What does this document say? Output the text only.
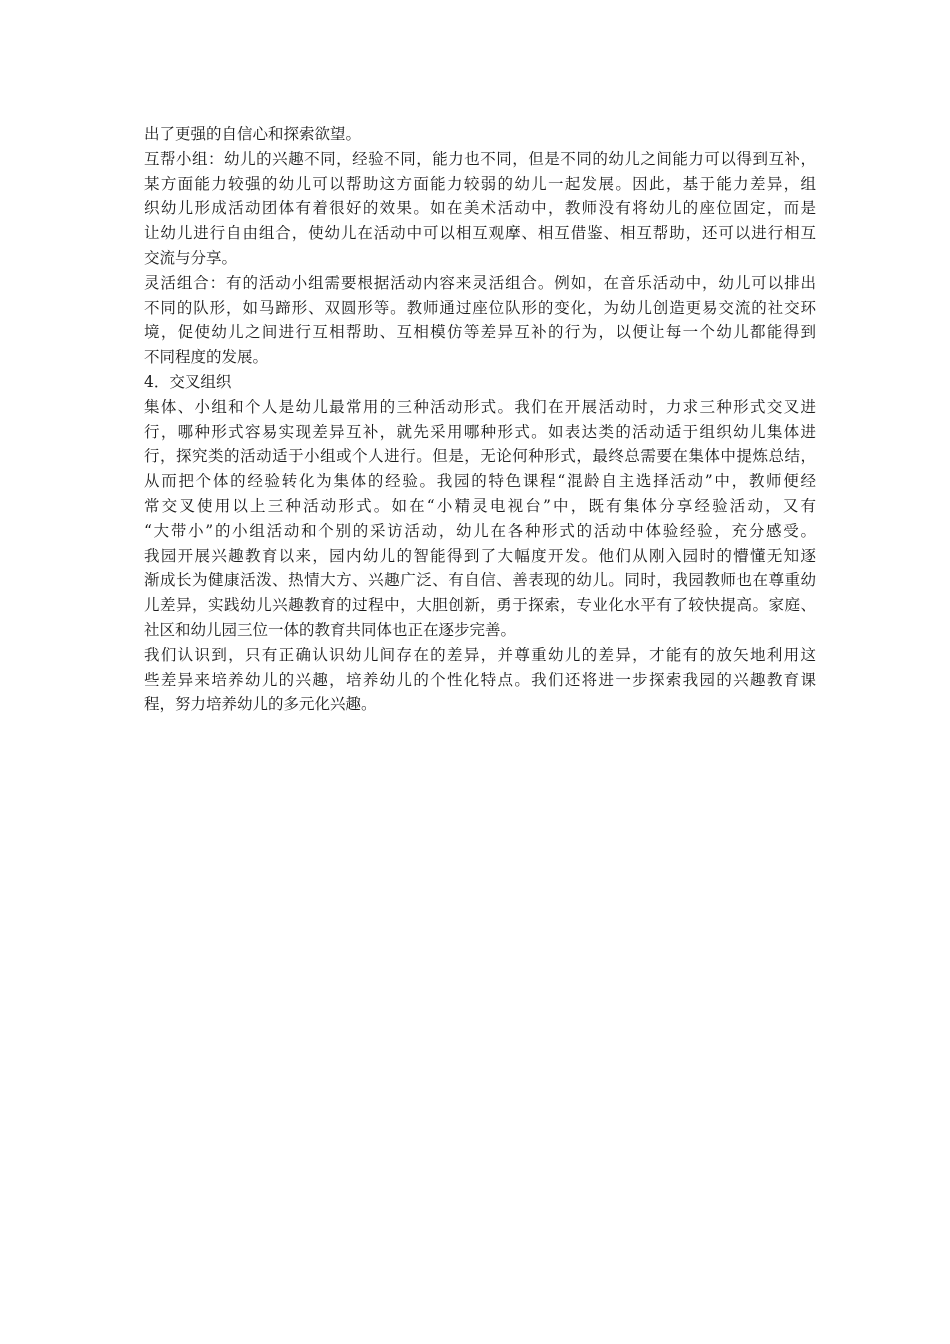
出了更强的自信心和探索欲望。
互帮小组：幼儿的兴趣不同，经验不同，能力也不同，但是不同的幼儿之间能力可以得到互补，
某方面能力较强的幼儿可以帮助这方面能力较弱的幼儿一起发展。因此，基于能力差异，组
织幼儿形成活动团体有着很好的效果。如在美术活动中，教师没有将幼儿的座位固定，而是
让幼儿进行自由组合，使幼儿在活动中可以相互观摩、相互借鉴、相互帮助，还可以进行相互
交流与分享。
灵活组合：有的活动小组需要根据活动内容来灵活组合。例如，在音乐活动中，幼儿可以排出
不同的队形，如马蹄形、双圆形等。教师通过座位队形的变化，为幼儿创造更易交流的社交环
境，促使幼儿之间进行互相帮助、互相模仿等差异互补的行为，以便让每一个幼儿都能得到
不同程度的发展。
4．交叉组织
集体、小组和个人是幼儿最常用的三种活动形式。我们在开展活动时，力求三种形式交叉进
行，哪种形式容易实现差异互补，就先采用哪种形式。如表达类的活动适于组织幼儿集体进
行，探究类的活动适于小组或个人进行。但是，无论何种形式，最终总需要在集体中提炼总结，
从而把个体的经验转化为集体的经验。我园的特色课程“混龄自主选择活动”中，教师便经
常交叉使用以上三种活动形式。如在“小精灵电视台”中，既有集体分享经验活动，又有
“大带小”的小组活动和个别的采访活动，幼儿在各种形式的活动中体验经验，充分感受。
我园开展兴趣教育以来，园内幼儿的智能得到了大幅度开发。他们从刚入园时的懵懂无知逐
渐成长为健康活泼、热情大方、兴趣广泛、有自信、善表现的幼儿。同时，我园教师也在尊重幼
儿差异，实践幼儿兴趣教育的过程中，大胆创新，勇于探索，专业化水平有了较快提高。家庭、
社区和幼儿园三位一体的教育共同体也正在逐步完善。
我们认识到，只有正确认识幼儿间存在的差异，并尊重幼儿的差异，才能有的放矢地利用这
些差异来培养幼儿的兴趣，培养幼儿的个性化特点。我们还将进一步探索我园的兴趣教育课
程，努力培养幼儿的多元化兴趣。
